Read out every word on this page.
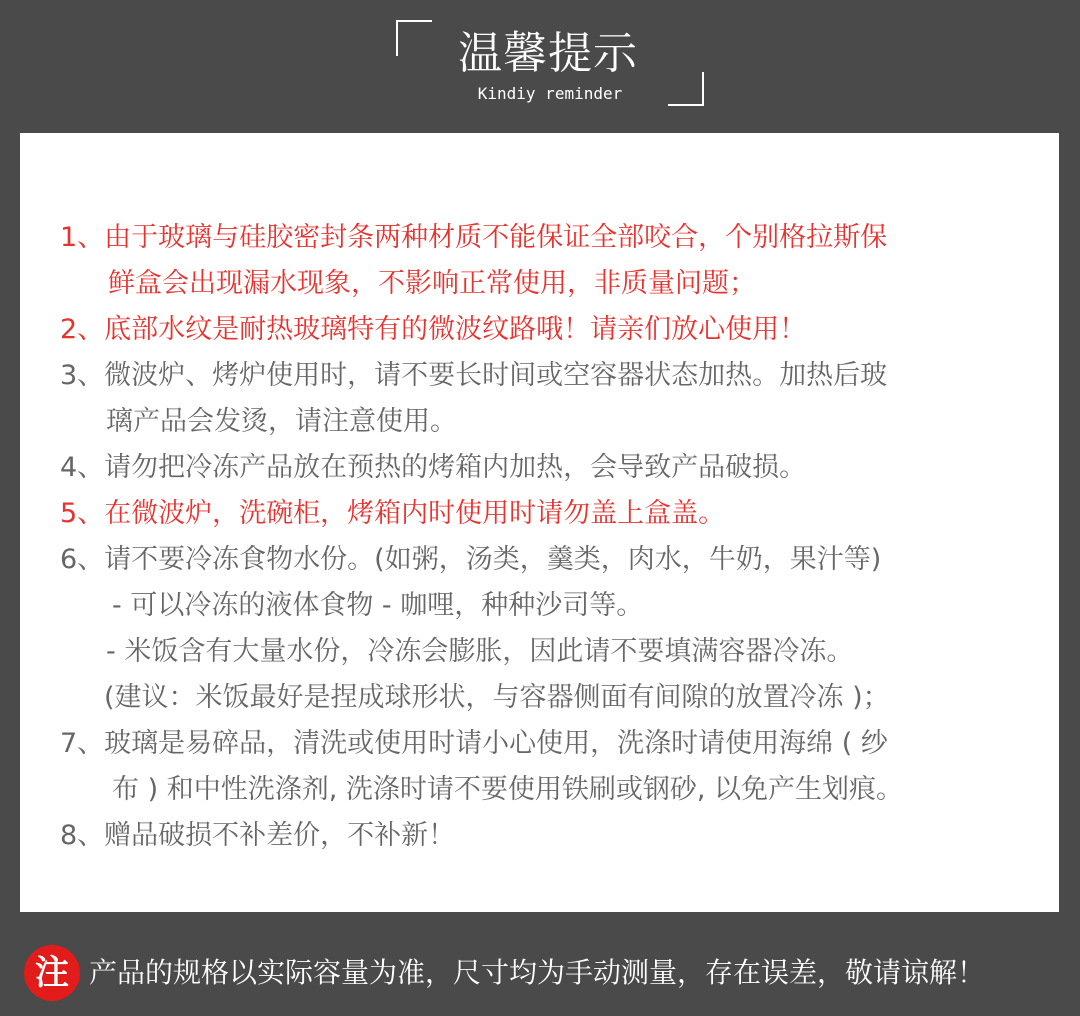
温馨提示
Kindiy reminder
1、由于玻璃与硅胶密封条两种材质不能保证全部咬合，个别格拉斯保
鲜盒会出现漏水现象，不影响正常使用，非质量问题；
2、底部水纹是耐热玻璃特有的微波纹路哦！请亲们放心使用！
3、微波炉、烤炉使用时，请不要长时间或空容器状态加热。加热后玻
璃产品会发烫，请注意使用。
4、请勿把冷冻产品放在预热的烤箱内加热，会导致产品破损。
5、在微波炉，洗碗柜，烤箱内时使用时请勿盖上盒盖。
6、请不要冷冻食物水份。(如粥，汤类，羹类，肉水，牛奶，果汁等)
- 可以冷冻的液体食物 - 咖哩，种种沙司等。
- 米饭含有大量水份，冷冻会膨胀，因此请不要填满容器冷冻。
(建议：米饭最好是捏成球形状，与容器侧面有间隙的放置冷冻 )；
7、玻璃是易碎品，清洗或使用时请小心使用，洗涤时请使用海绵 ( 纱
布 ) 和中性洗涤剂, 洗涤时请不要使用铁刷或钢砂, 以免产生划痕。
8、赠品破损不补差价，不补新！
注 产品的规格以实际容量为准，尺寸均为手动测量，存在误差，敬请谅解！
